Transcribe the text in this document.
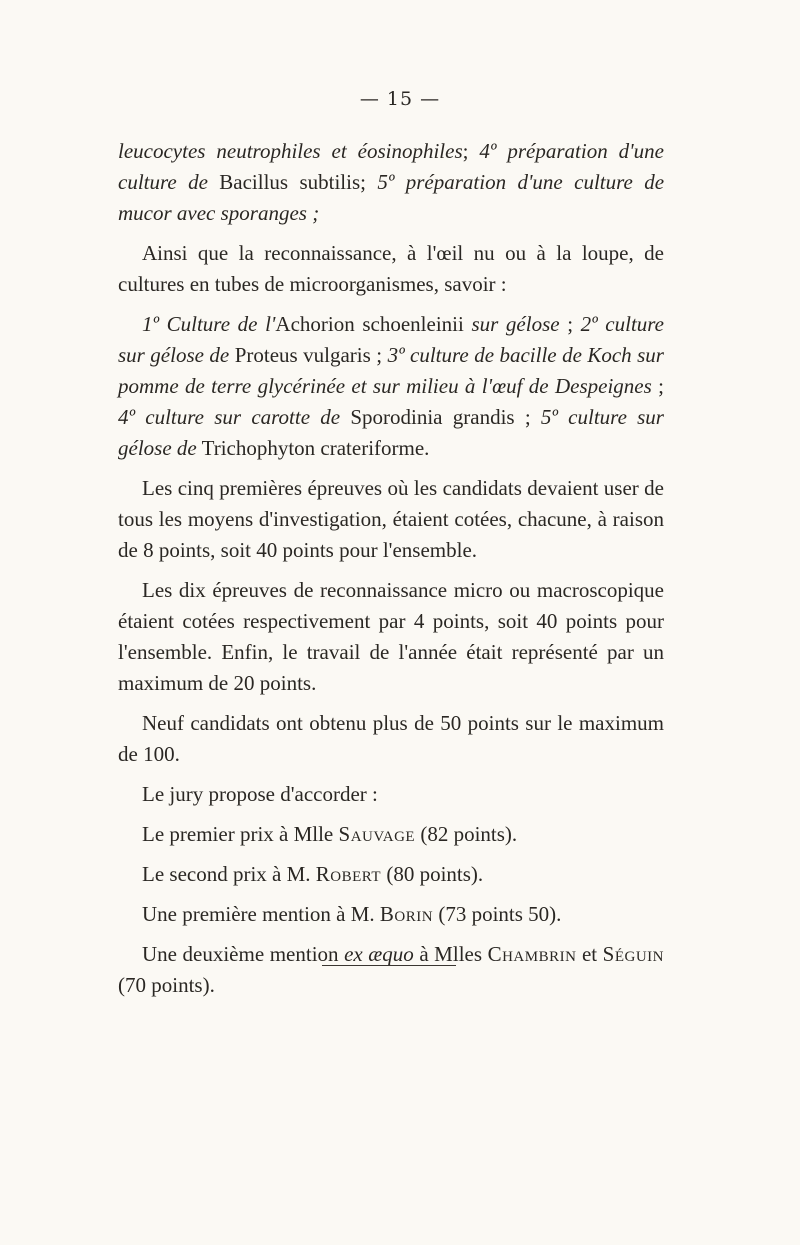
— 15 —

leucocytes neutrophiles et éosinophiles; 4º préparation d'une culture de Bacillus subtilis; 5º préparation d'une culture de mucor avec sporanges ;

Ainsi que la reconnaissance, à l'œil nu ou à la loupe, de cultures en tubes de microorganismes, savoir :

1º Culture de l'Achorion schoenleinii sur gélose ; 2º culture sur gélose de Proteus vulgaris ; 3º culture de bacille de Koch sur pomme de terre glycérinée et sur milieu à l'œuf de Despeignes ; 4º culture sur carotte de Sporodinia grandis ; 5º culture sur gélose de Trichophyton crateriforme.

Les cinq premières épreuves où les candidats devaient user de tous les moyens d'investigation, étaient cotées, chacune, à raison de 8 points, soit 40 points pour l'ensemble.

Les dix épreuves de reconnaissance micro ou macroscopique étaient cotées respectivement par 4 points, soit 40 points pour l'ensemble. Enfin, le travail de l'année était représenté par un maximum de 20 points.

Neuf candidats ont obtenu plus de 50 points sur le maximum de 100.

Le jury propose d'accorder :

Le premier prix à Mlle Sauvage (82 points).

Le second prix à M. Robert (80 points).

Une première mention à M. Borin (73 points 50).

Une deuxième mention ex æquo à Mlles Chambrin et Séguin (70 points).
